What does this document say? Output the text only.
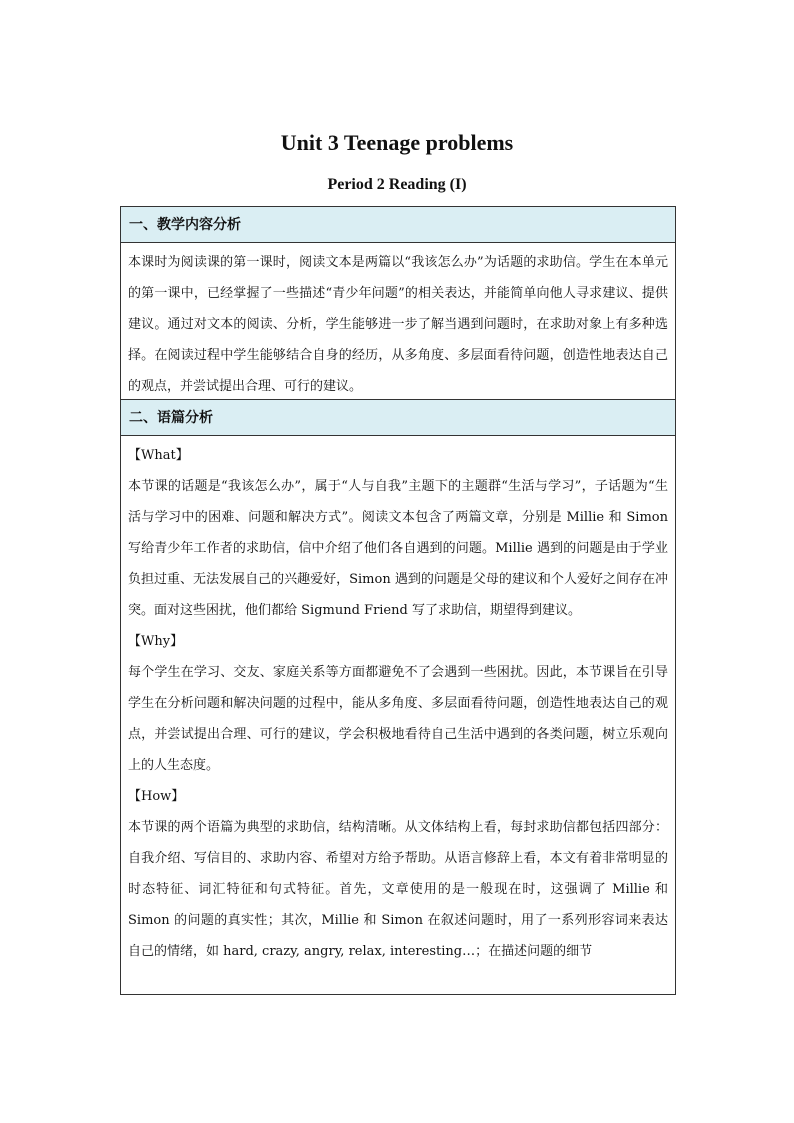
Unit 3 Teenage problems
Period 2 Reading (I)
一、教学内容分析

本课时为阅读课的第一课时，阅读文本是两篇以“我该怎么办”为话题的求助信。学生在本单元的第一课中，已经掌握了一些描述“青少年问题”的相关表达，并能简单向他人寻求建议、提供建议。通过对文本的阅读、分析，学生能够进一步了解当遇到问题时，在求助对象上有多种选择。在阅读过程中学生能够结合自身的经历，从多角度、多层面看待问题，创造性地表达自己的观点，并尝试提出合理、可行的建议。

二、语篇分析

【What】

本节课的话题是“我该怎么办”，属于“人与自我”主题下的主题群“生活与学习”，子话题为“生活与学习中的困难、问题和解决方式”。阅读文本包含了两篇文章，分别是 Millie 和 Simon 写给青少年工作者的求助信，信中介绍了他们各自遇到的问题。Millie 遇到的问题是由于学业负担过重、无法发展自己的兴趣爱好，Simon 遇到的问题是父母的建议和个人爱好之间存在冲突。面对这些困扰，他们都给 Sigmund Friend 写了求助信，期望得到建议。

【Why】

每个学生在学习、交友、家庭关系等方面都避免不了会遇到一些困扰。因此，本节课旨在引导学生在分析问题和解决问题的过程中，能从多角度、多层面看待问题，创造性地表达自己的观点，并尝试提出合理、可行的建议，学会积极地看待自己生活中遇到的各类问题，树立乐观向上的人生态度。

【How】

本节课的两个语篇为典型的求助信，结构清晰。从文体结构上看，每封求助信都包括四部分：自我介绍、写信目的、求助内容、希望对方给予帮助。从语言修辞上看，本文有着非常明显的时态特征、词汇特征和句式特征。首先，文章使用的是一般现在时，这强调了 Millie 和 Simon 的问题的真实性；其次，Millie 和 Simon 在叙述问题时，用了一系列形容词来表达自己的情绪，如 hard, crazy, angry, relax, interesting…；在描述问题的细节
